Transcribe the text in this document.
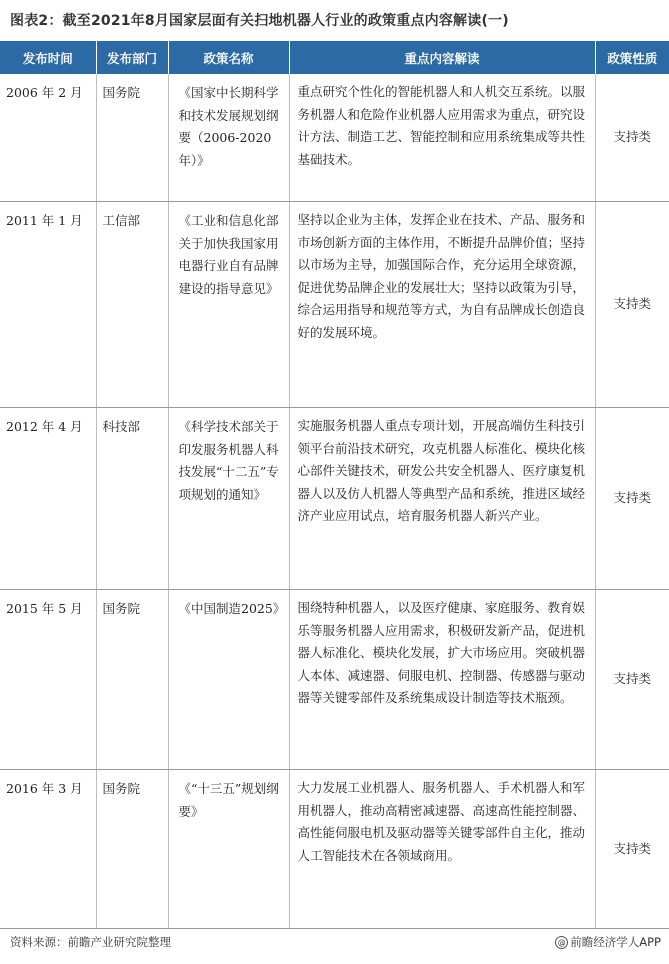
图表2：截至2021年8月国家层面有关扫地机器人行业的政策重点内容解读(一)
发布时间	发布部门	政策名称	重点内容解读	政策性质
2006 年 2 月	国务院	《国家中长期科学和技术发展规划纲要（2006-2020 年）》	重点研究个性化的智能机器人和人机交互系统。以服务机器人和危险作业机器人应用需求为重点，研究设计方法、制造工艺、智能控制和应用系统集成等共性基础技术。	支持类
2011 年 1 月	工信部	《工业和信息化部关于加快我国家用电器行业自有品牌建设的指导意见》	坚持以企业为主体，发挥企业在技术、产品、服务和市场创新方面的主体作用，不断提升品牌价值；坚持以市场为主导，加强国际合作，充分运用全球资源，促进优势品牌企业的发展壮大；坚持以政策为引导，综合运用指导和规范等方式，为自有品牌成长创造良好的发展环境。	支持类
2012 年 4 月	科技部	《科学技术部关于印发服务机器人科技发展“十二五”专项规划的通知》	实施服务机器人重点专项计划，开展高端仿生科技引领平台前沿技术研究，攻克机器人标准化、模块化核心部件关键技术，研发公共安全机器人、医疗康复机器人以及仿人机器人等典型产品和系统，推进区域经济产业应用试点，培育服务机器人新兴产业。	支持类
2015 年 5 月	国务院	《中国制造2025》	围绕特种机器人，以及医疗健康、家庭服务、教育娱乐等服务机器人应用需求，积极研发新产品，促进机器人标准化、模块化发展，扩大市场应用。突破机器人本体、减速器、伺服电机、控制器、传感器与驱动器等关键零部件及系统集成设计制造等技术瓶颈。	支持类
2016 年 3 月	国务院	《“十三五”规划纲要》	大力发展工业机器人、服务机器人、手术机器人和军用机器人，推动高精密减速器、高速高性能控制器、高性能伺服电机及驱动器等关键零部件自主化，推动人工智能技术在各领域商用。	支持类
资料来源：前瞻产业研究院整理	@ 前瞻经济学人APP
